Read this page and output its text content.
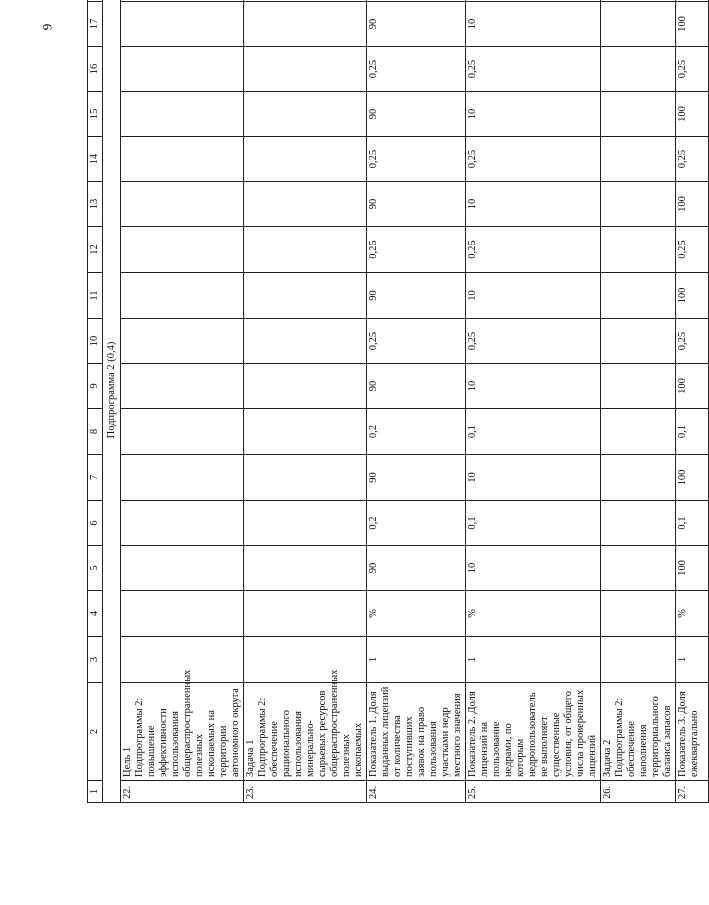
9
1	2	3	4	5	6	7	8	9	10	11	12	13	14	15	16	17	
Подпрограмма 2 (0,4)																	
22.	Цель 1 Подпрограммы 2: повышение эффективности использования общераспространенных полезных ископаемых на территории автономного округа																
23.	Задача 1 Подпрограммы 2: обеспечение рационального использования минерально-сырьевых ресурсов общераспространенных полезных ископаемых																
24.	Показатель 1. Доля выданных лицензий от количества поступивших заявок на право пользования участками недр местного значения	1	%	90	0,2	90	0,2	90	0,25	90	0,25	90	0,25	90	0,25	90	
25.	Показатель 2. Доля лицензий на пользование недрами, по которым недропользователь не выполняет существенные условия, от общего числа проверенных лицензий	1	%	10	0,1	10	0,1	10	0,25	10	0,25	10	0,25	10	0,25	10	
26.	Задача 2 Подпрограммы 2: обеспечение наполнения территориального баланса запасов																
27.	Показатель 3. Доля ежеквартально	1	%	100	0,1	100	0,1	100	0,25	100	0,25	100	0,25	100	0,25	100	
